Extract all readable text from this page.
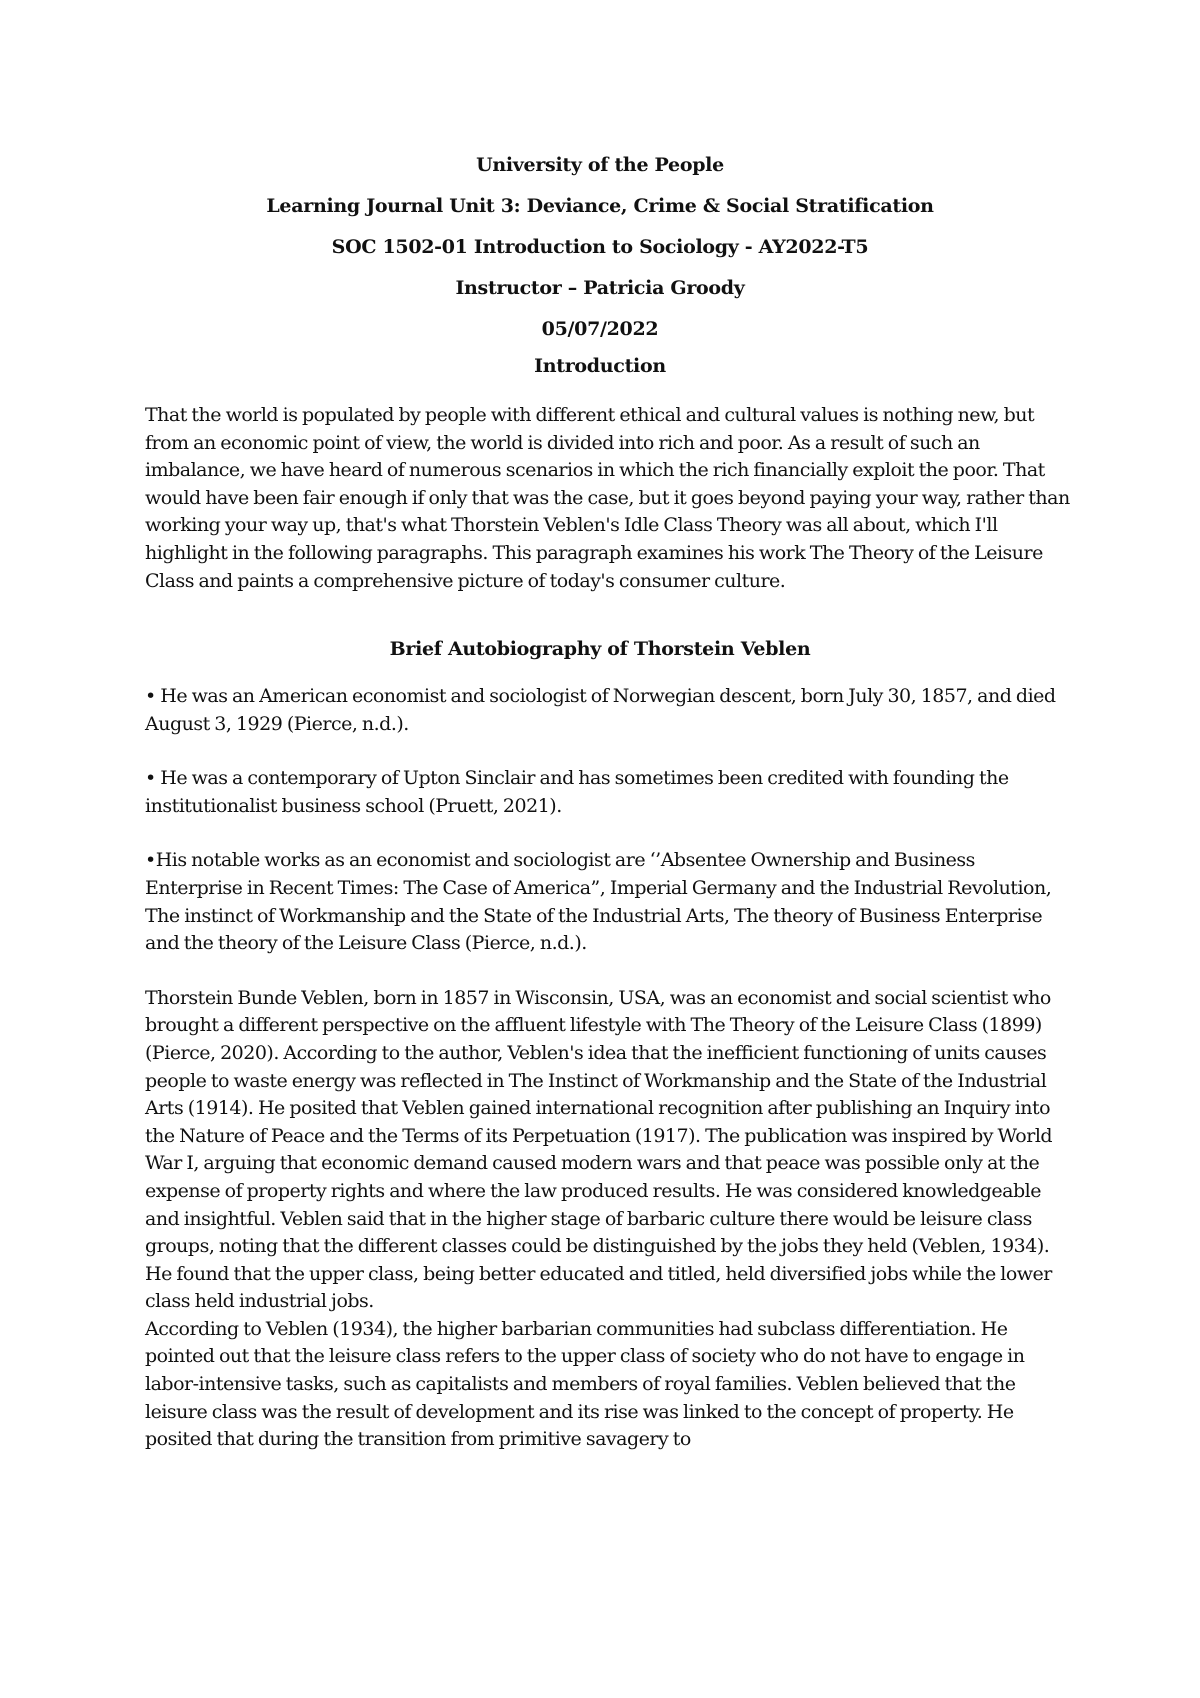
University of the People
Learning Journal Unit 3: Deviance, Crime & Social Stratification
SOC 1502-01 Introduction to Sociology - AY2022-T5
Instructor – Patricia Groody
05/07/2022
Introduction

That the world is populated by people with different ethical and cultural values is nothing new, but from an economic point of view, the world is divided into rich and poor. As a result of such an imbalance, we have heard of numerous scenarios in which the rich financially exploit the poor. That would have been fair enough if only that was the case, but it goes beyond paying your way, rather than working your way up, that's what Thorstein Veblen's Idle Class Theory was all about, which I'll highlight in the following paragraphs. This paragraph examines his work The Theory of the Leisure Class and paints a comprehensive picture of today's consumer culture.

Brief Autobiography of Thorstein Veblen

• He was an American economist and sociologist of Norwegian descent, born July 30, 1857, and died August 3, 1929 (Pierce, n.d.).

• He was a contemporary of Upton Sinclair and has sometimes been credited with founding the institutionalist business school (Pruett, 2021).

•His notable works as an economist and sociologist are ‘’Absentee Ownership and Business Enterprise in Recent Times: The Case of America”, Imperial Germany and the Industrial Revolution, The instinct of Workmanship and the State of the Industrial Arts, The theory of Business Enterprise and the theory of the Leisure Class (Pierce, n.d.).

Thorstein Bunde Veblen, born in 1857 in Wisconsin, USA, was an economist and social scientist who brought a different perspective on the affluent lifestyle with The Theory of the Leisure Class (1899) (Pierce, 2020). According to the author, Veblen's idea that the inefficient functioning of units causes people to waste energy was reflected in The Instinct of Workmanship and the State of the Industrial Arts (1914). He posited that Veblen gained international recognition after publishing an Inquiry into the Nature of Peace and the Terms of its Perpetuation (1917). The publication was inspired by World War I, arguing that economic demand caused modern wars and that peace was possible only at the expense of property rights and where the law produced results. He was considered knowledgeable and insightful. Veblen said that in the higher stage of barbaric culture there would be leisure class groups, noting that the different classes could be distinguished by the jobs they held (Veblen, 1934). He found that the upper class, being better educated and titled, held diversified jobs while the lower class held industrial jobs.

According to Veblen (1934), the higher barbarian communities had subclass differentiation. He pointed out that the leisure class refers to the upper class of society who do not have to engage in labor-intensive tasks, such as capitalists and members of royal families. Veblen believed that the leisure class was the result of development and its rise was linked to the concept of property. He posited that during the transition from primitive savagery to
